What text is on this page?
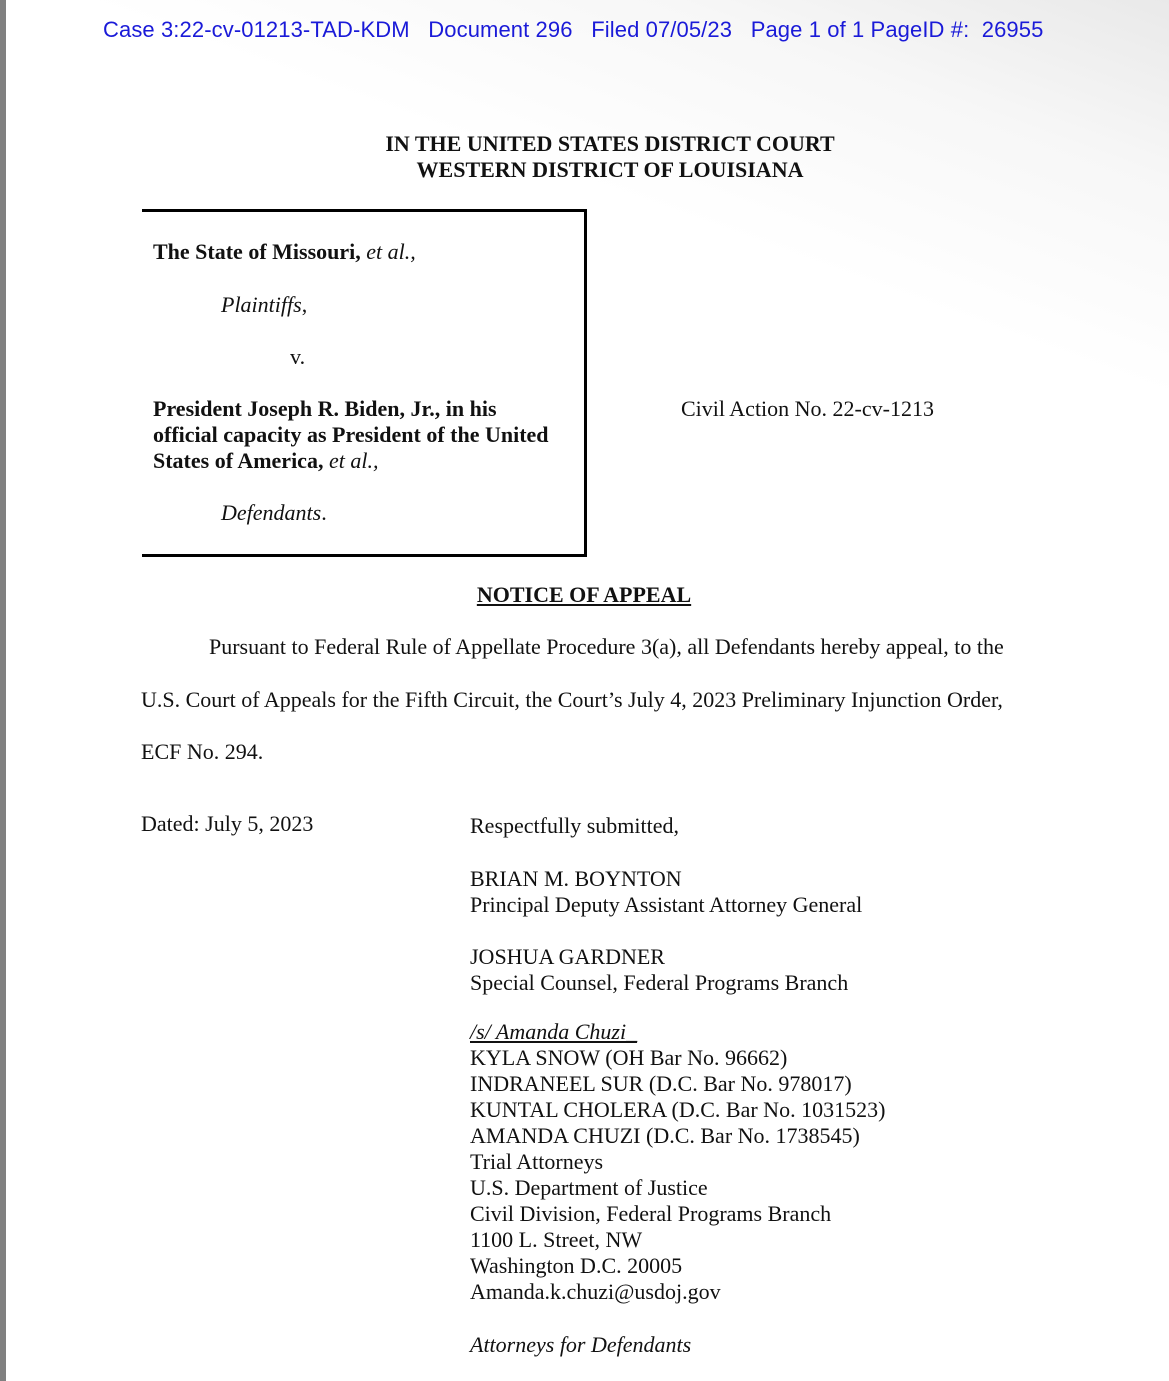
Case 3:22-cv-01213-TAD-KDM Document 296 Filed 07/05/23 Page 1 of 1 PageID #: 26955
IN THE UNITED STATES DISTRICT COURT
WESTERN DISTRICT OF LOUISIANA
The State of Missouri, et al.,
Plaintiffs,
v.
President Joseph R. Biden, Jr., in his
official capacity as President of the United
States of America, et al.,
Defendants.
Civil Action No. 22-cv-1213
NOTICE OF APPEAL
Pursuant to Federal Rule of Appellate Procedure 3(a), all Defendants hereby appeal, to the
U.S. Court of Appeals for the Fifth Circuit, the Court’s July 4, 2023 Preliminary Injunction Order,
ECF No. 294.
Dated: July 5, 2023	Respectfully submitted,
BRIAN M. BOYNTON
Principal Deputy Assistant Attorney General
JOSHUA GARDNER
Special Counsel, Federal Programs Branch
/s/ Amanda Chuzi_
KYLA SNOW (OH Bar No. 96662)
INDRANEEL SUR (D.C. Bar No. 978017)
KUNTAL CHOLERA (D.C. Bar No. 1031523)
AMANDA CHUZI (D.C. Bar No. 1738545)
Trial Attorneys
U.S. Department of Justice
Civil Division, Federal Programs Branch
1100 L. Street, NW
Washington D.C. 20005
Amanda.k.chuzi@usdoj.gov
Attorneys for Defendants
